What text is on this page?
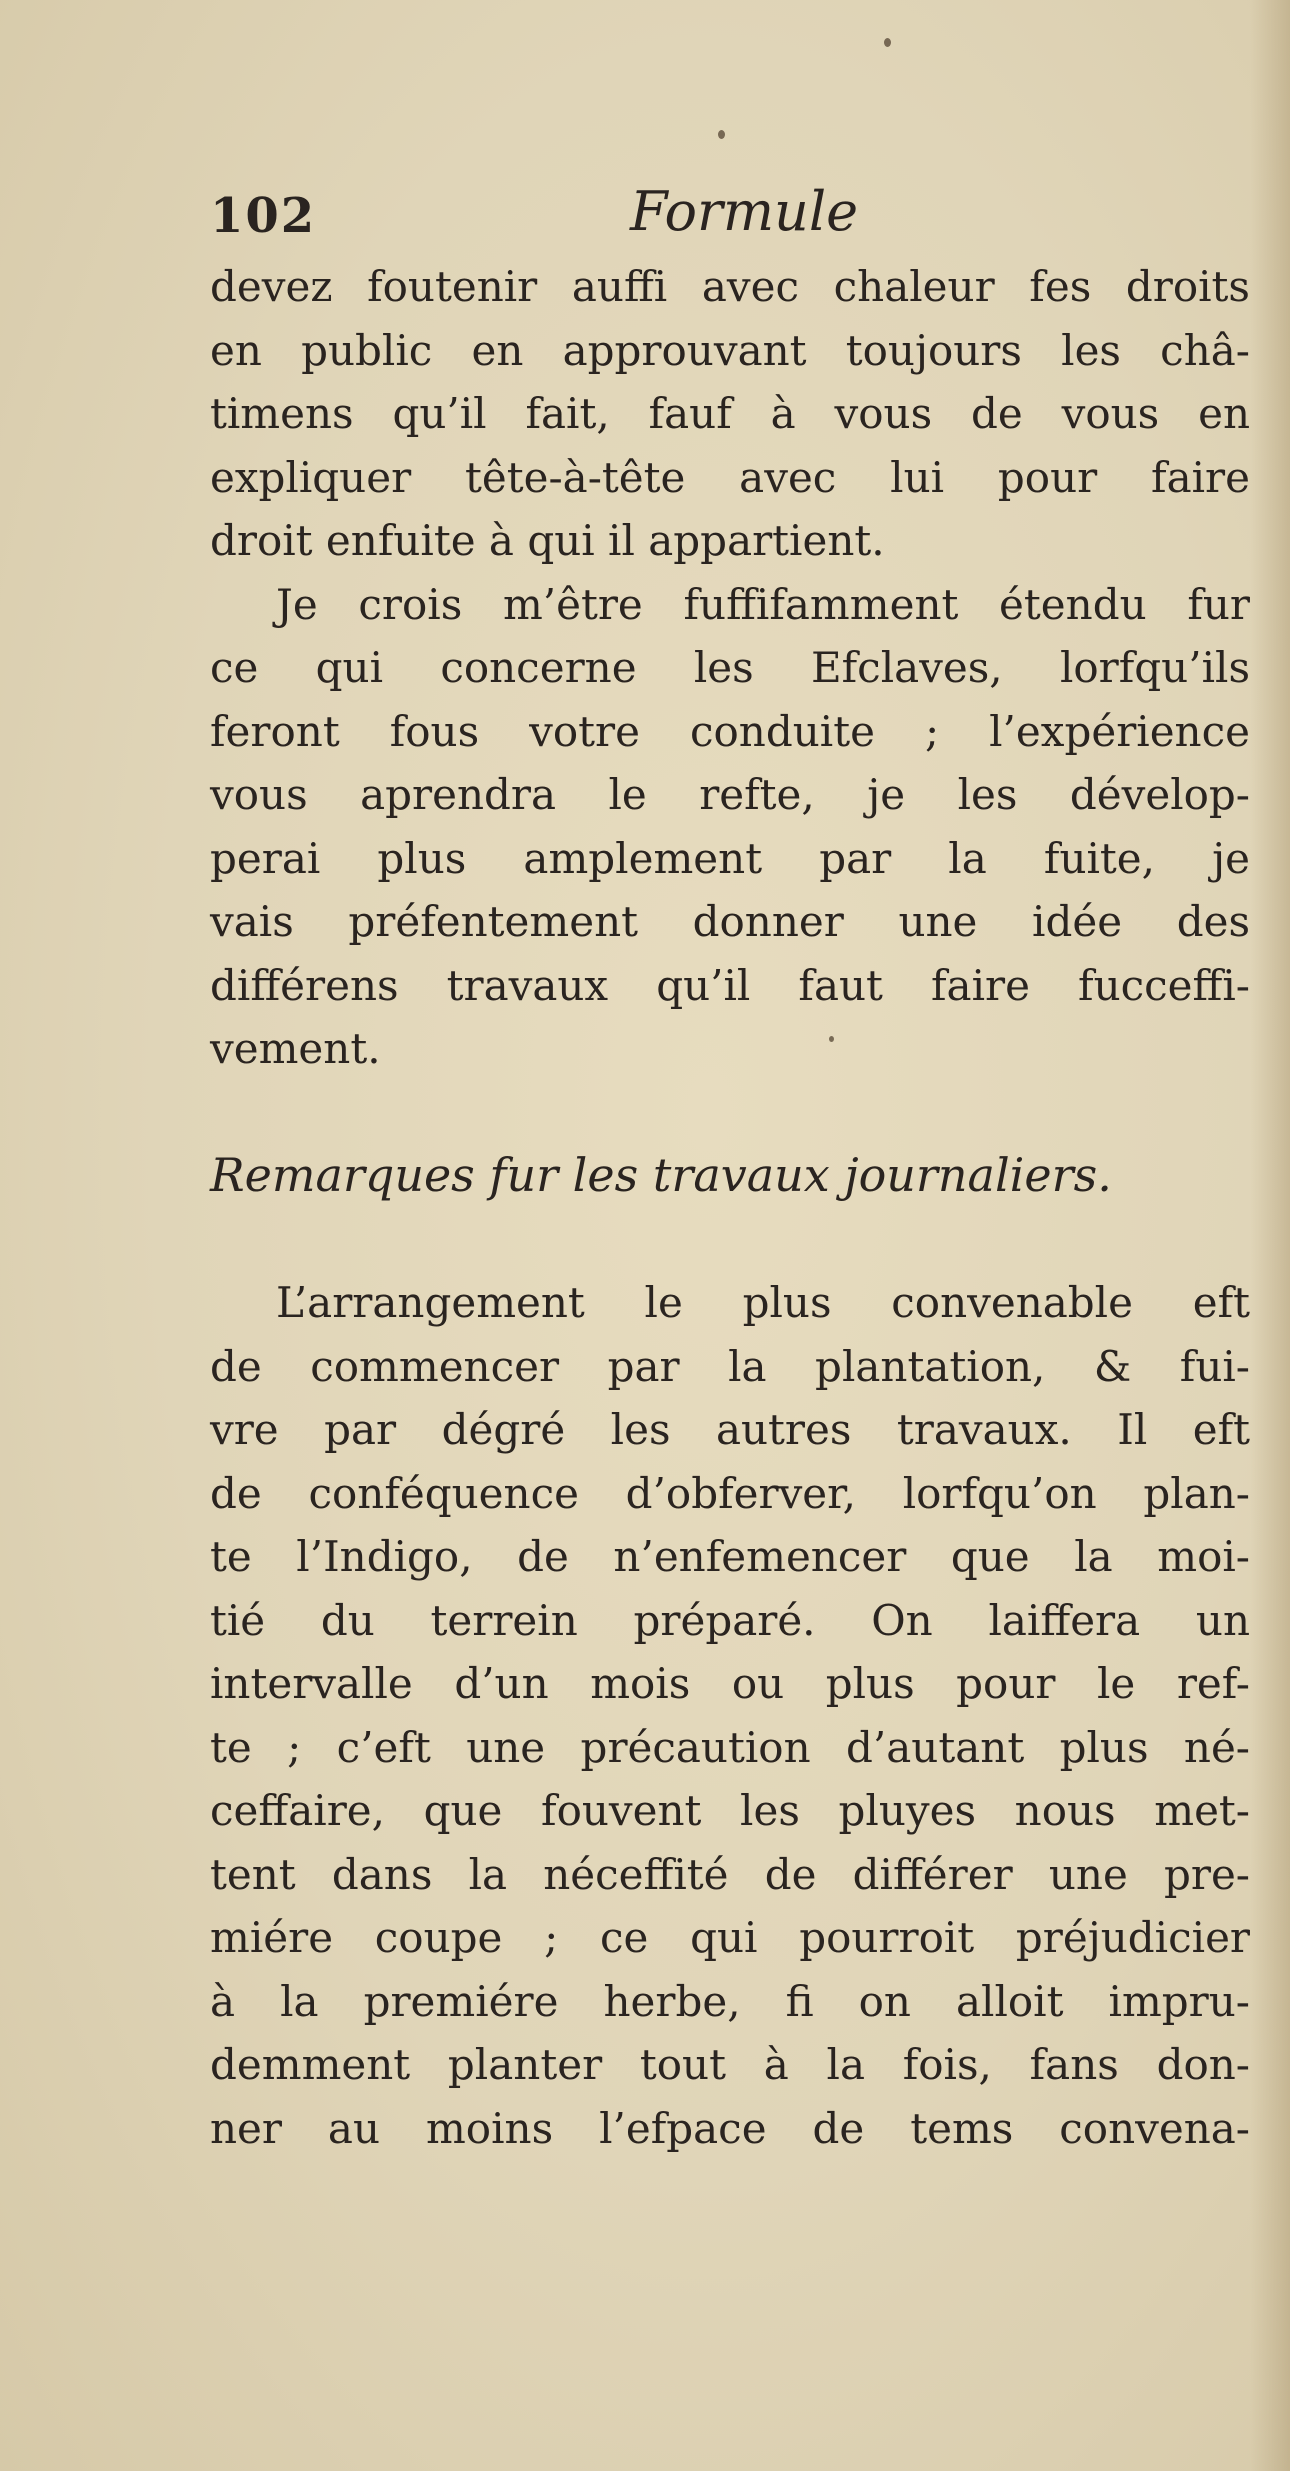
102	Formule
devez foutenir auffi avec chaleur fes droits
en public en approuvant toujours les châ-
timens qu’il fait, fauf à vous de vous en
expliquer tête-à-tête avec lui pour faire
droit enfuite à qui il appartient.
Je crois m’être fuffifamment étendu fur
ce qui concerne les Efclaves, lorfqu’ils
feront fous votre conduite ; l’expérience
vous aprendra le refte, je les dévelop-
perai plus amplement par la fuite, je
vais préfentement donner une idée des
différens travaux qu’il faut faire fucceffi-
vement.
Remarques fur les travaux journaliers.
L’arrangement le plus convenable eft
de commencer par la plantation, & fui-
vre par dégré les autres travaux. Il eft
de conféquence d’obferver, lorfqu’on plan-
te l’Indigo, de n’enfemencer que la moi-
tié du terrein préparé. On laiffera un
intervalle d’un mois ou plus pour le ref-
te ; c’eft une précaution d’autant plus né-
ceffaire, que fouvent les pluyes nous met-
tent dans la néceffité de différer une pre-
miére coupe ; ce qui pourroit préjudicier
à la premiére herbe, fi on alloit impru-
demment planter tout à la fois, fans don-
ner au moins l’efpace de tems convena-
